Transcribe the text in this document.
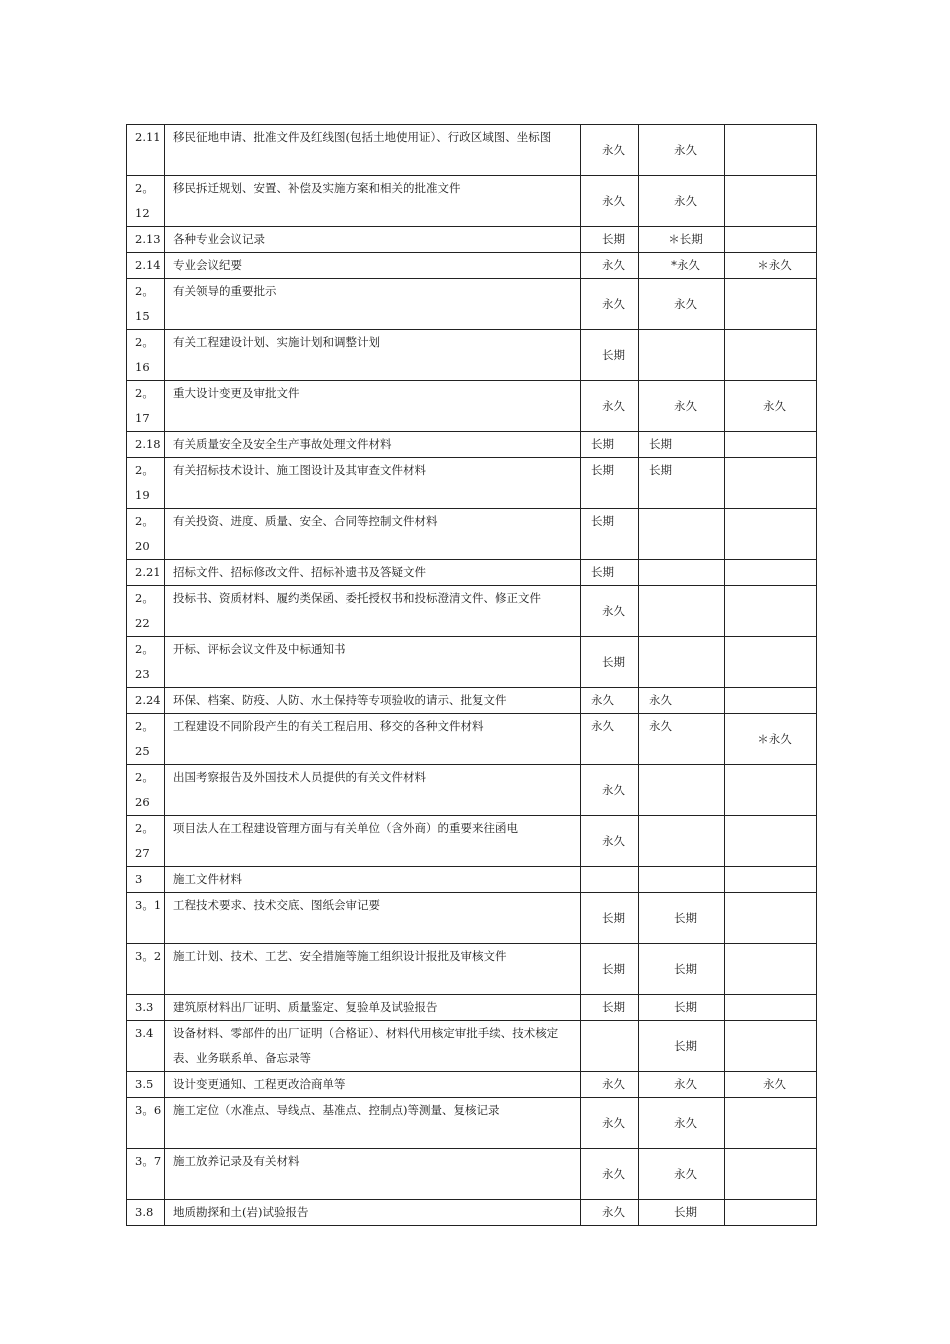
2.11	移民征地申请、批准文件及红线图(包括土地使用证）、行政区域图、坐标图	永久	永久	
2。12	移民拆迁规划、安置、补偿及实施方案和相关的批准文件	永久	永久	
2.13	各种专业会议记录	长期	＊长期	
2.14	专业会议纪要	永久	*永久	＊永久
2。15	有关领导的重要批示	永久	永久	
2。16	有关工程建设计划、实施计划和调整计划	长期		
2。17	重大设计变更及审批文件	永久	永久	永久
2.18	有关质量安全及安全生产事故处理文件材料	长期	长期	
2。19	有关招标技术设计、施工图设计及其审查文件材料	长期	长期	
2。20	有关投资、进度、质量、安全、合同等控制文件材料	长期		
2.21	招标文件、招标修改文件、招标补遗书及答疑文件	长期		
2。22	投标书、资质材料、履约类保函、委托授权书和投标澄清文件、修正文件	永久		
2。23	开标、评标会议文件及中标通知书	长期		
2.24	环保、档案、防疫、人防、水土保持等专项验收的请示、批复文件	永久	永久	
2。25	工程建设不同阶段产生的有关工程启用、移交的各种文件材料	永久	永久	＊永久
2。26	出国考察报告及外国技术人员提供的有关文件材料	永久		
2。27	项目法人在工程建设管理方面与有关单位（含外商）的重要来往函电	永久		
3	施工文件材料			
3。1	工程技术要求、技术交底、图纸会审记要	长期	长期	
3。2	施工计划、技术、工艺、安全措施等施工组织设计报批及审核文件	长期	长期	
3.3	建筑原材料出厂证明、质量鉴定、复验单及试验报告	长期	长期	
3.4	设备材料、零部件的出厂证明（合格证）、材料代用核定审批手续、技术核定表、业务联系单、备忘录等		长期	
3.5	设计变更通知、工程更改洽商单等	永久	永久	永久
3。6	施工定位（水准点、导线点、基准点、控制点)等测量、复核记录	永久	永久	
3。7	施工放养记录及有关材料	永久	永久	
3.8	地质勘探和土(岩)试验报告	永久	长期	
